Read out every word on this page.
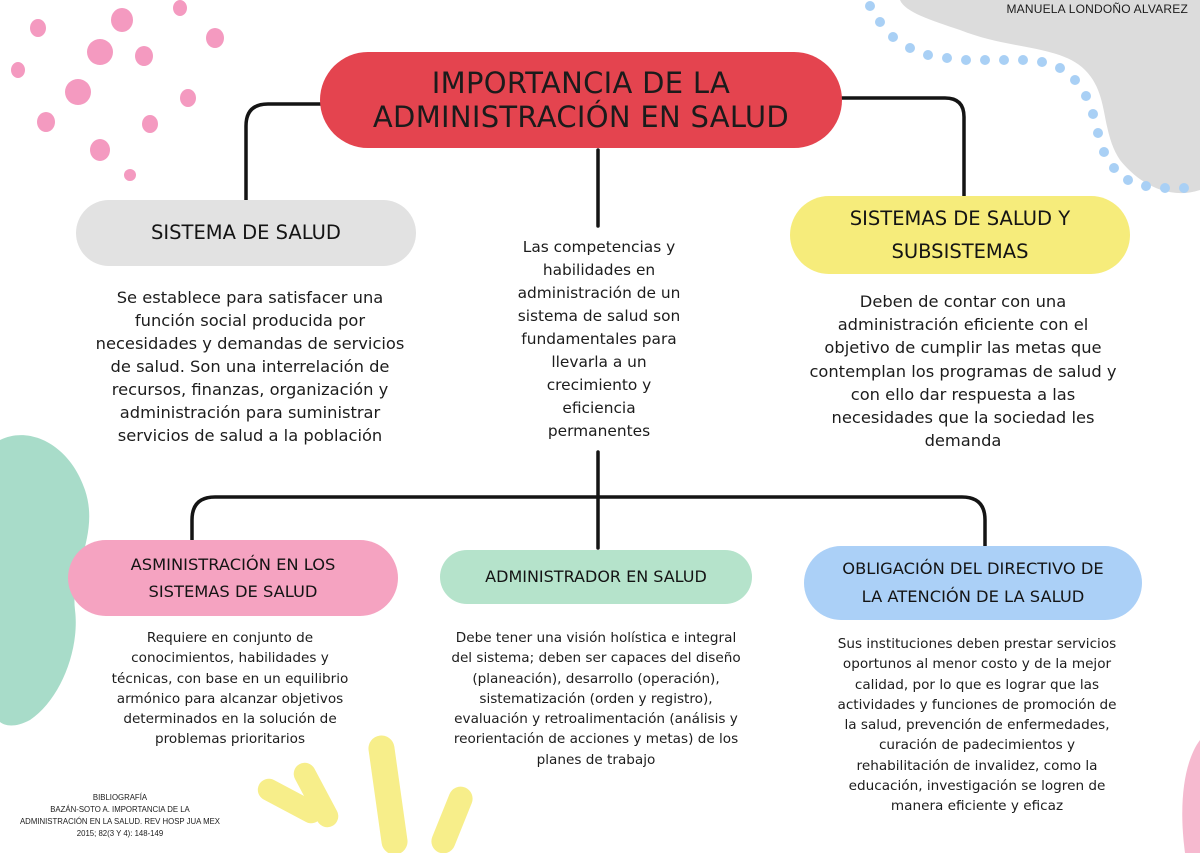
MANUELA LONDOÑO ALVAREZ
IMPORTANCIA DE LA
ADMINISTRACIÓN EN SALUD
SISTEMA DE SALUD
Se establece para satisfacer una
función social producida por
necesidades y demandas de servicios
de salud. Son una interrelación de
recursos, finanzas, organización y
administración para suministrar
servicios de salud a la población
Las competencias y
habilidades en
administración de un
sistema de salud son
fundamentales para
llevarla a un
crecimiento y
eficiencia
permanentes
SISTEMAS DE SALUD Y
SUBSISTEMAS
Deben de contar con una
administración eficiente con el
objetivo de cumplir las metas que
contemplan los programas de salud y
con ello dar respuesta a las
necesidades que la sociedad les
demanda
ASMINISTRACIÓN EN LOS
SISTEMAS DE SALUD
Requiere en conjunto de
conocimientos, habilidades y
técnicas, con base en un equilibrio
armónico para alcanzar objetivos
determinados en la solución de
problemas prioritarios
ADMINISTRADOR EN SALUD
Debe tener una visión holística e integral
del sistema; deben ser capaces del diseño
(planeación), desarrollo (operación),
sistematización (orden y registro),
evaluación y retroalimentación (análisis y
reorientación de acciones y metas) de los
planes de trabajo
OBLIGACIÓN DEL DIRECTIVO DE
LA ATENCIÓN DE LA SALUD
Sus instituciones deben prestar servicios
oportunos al menor costo y de la mejor
calidad, por lo que es lograr que las
actividades y funciones de promoción de
la salud, prevención de enfermedades,
curación de padecimientos y
rehabilitación de invalidez, como la
educación, investigación se logren de
manera eficiente y eficaz
BIBLIOGRAFÍA
BAZÁN-SOTO A. IMPORTANCIA DE LA
ADMINISTRACIÓN EN LA SALUD. REV HOSP JUA MEX
2015; 82(3 Y 4): 148-149
